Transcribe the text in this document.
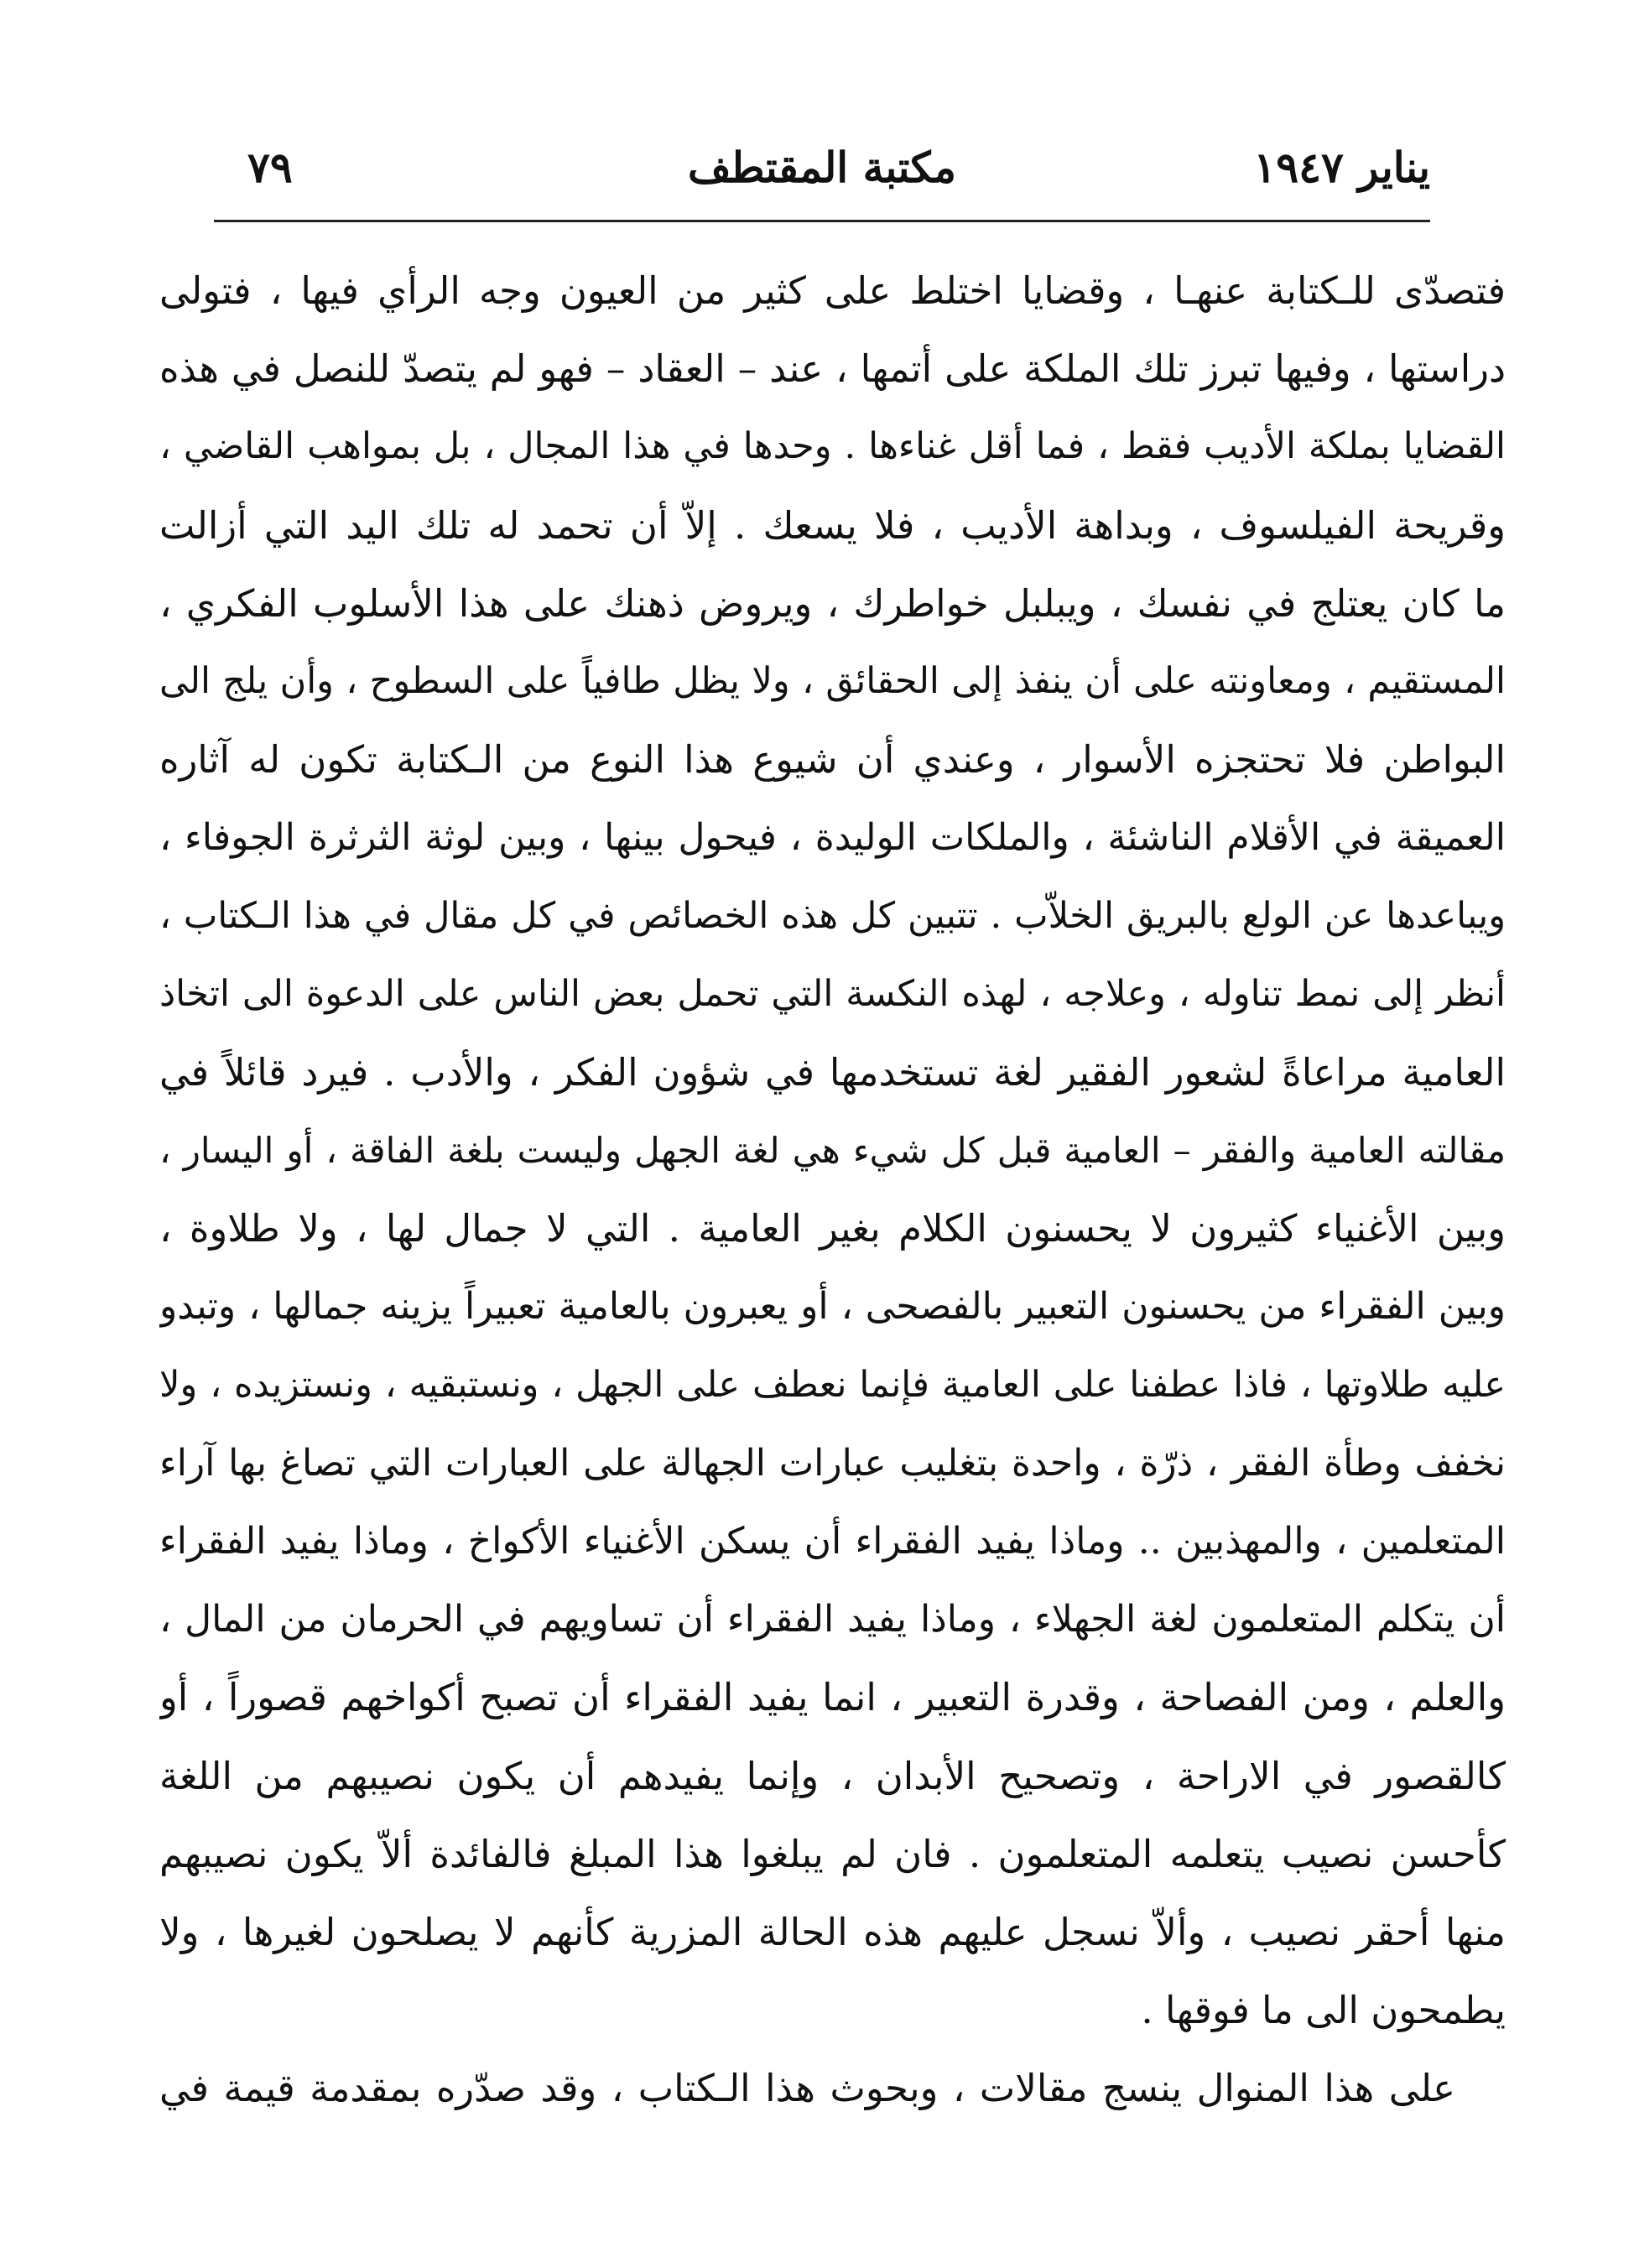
يناير ١٩٤٧
مكتبة المقتطف
٧٩
فتصدّى للـكتابة عنهـا ، وقضايا اختلط على كثير من العيون وجه الرأي فيها ، فتولى
دراستها ، وفيها تبرز تلك الملكة على أتمها ، عند – العقاد – فهو لم يتصدّ للنصل في هذه
القضايا بملكة الأديب فقط ، فما أقل غناءها . وحدها في هذا المجال ، بل بمواهب القاضي ،
وقريحة الفيلسوف ، وبداهة الأديب ، فلا يسعك . إلاّ أن تحمد له تلك اليد التي أزالت
ما كان يعتلج في نفسك ، ويبلبل خواطرك ، ويروض ذهنك على هذا الأسلوب الفكري ،
المستقيم ، ومعاونته على أن ينفذ إلى الحقائق ، ولا يظل طافياً على السطوح ، وأن يلج الى
البواطن فلا تحتجزه الأسوار ، وعندي أن شيوع هذا النوع من الـكتابة تكون له آثاره
العميقة في الأقلام الناشئة ، والملكات الوليدة ، فيحول بينها ، وبين لوثة الثرثرة الجوفاء ،
ويباعدها عن الولع بالبريق الخلاّب . تتبين كل هذه الخصائص في كل مقال في هذا الـكتاب ،
أنظر إلى نمط تناوله ، وعلاجه ، لهذه النكسة التي تحمل بعض الناس على الدعوة الى اتخاذ
العامية مراعاةً لشعور الفقير لغة تستخدمها في شؤون الفكر ، والأدب . فيرد قائلاً في
مقالته العامية والفقر – العامية قبل كل شيء هي لغة الجهل وليست بلغة الفاقة ، أو اليسار ،
وبين الأغنياء كثيرون لا يحسنون الكلام بغير العامية . التي لا جمال لها ، ولا طلاوة ،
وبين الفقراء من يحسنون التعبير بالفصحى ، أو يعبرون بالعامية تعبيراً يزينه جمالها ، وتبدو
عليه طلاوتها ، فاذا عطفنا على العامية فإنما نعطف على الجهل ، ونستبقيه ، ونستزيده ، ولا
نخفف وطأة الفقر ، ذرّة ، واحدة بتغليب عبارات الجهالة على العبارات التي تصاغ بها آراء
المتعلمين ، والمهذبين .. وماذا يفيد الفقراء أن يسكن الأغنياء الأكواخ ، وماذا يفيد الفقراء
أن يتكلم المتعلمون لغة الجهلاء ، وماذا يفيد الفقراء أن تساويهم في الحرمان من المال ،
والعلم ، ومن الفصاحة ، وقدرة التعبير ، انما يفيد الفقراء أن تصبح أكواخهم قصوراً ، أو
كالقصور في الاراحة ، وتصحيح الأبدان ، وإنما يفيدهم أن يكون نصيبهم من اللغة
كأحسن نصيب يتعلمه المتعلمون . فان لم يبلغوا هذا المبلغ فالفائدة ألاّ يكون نصيبهم
منها أحقر نصيب ، وألاّ نسجل عليهم هذه الحالة المزرية كأنهم لا يصلحون لغيرها ، ولا
يطمحون الى ما فوقها .
على هذا المنوال ينسج مقالات ، وبحوث هذا الـكتاب ، وقد صدّره بمقدمة قيمة في
